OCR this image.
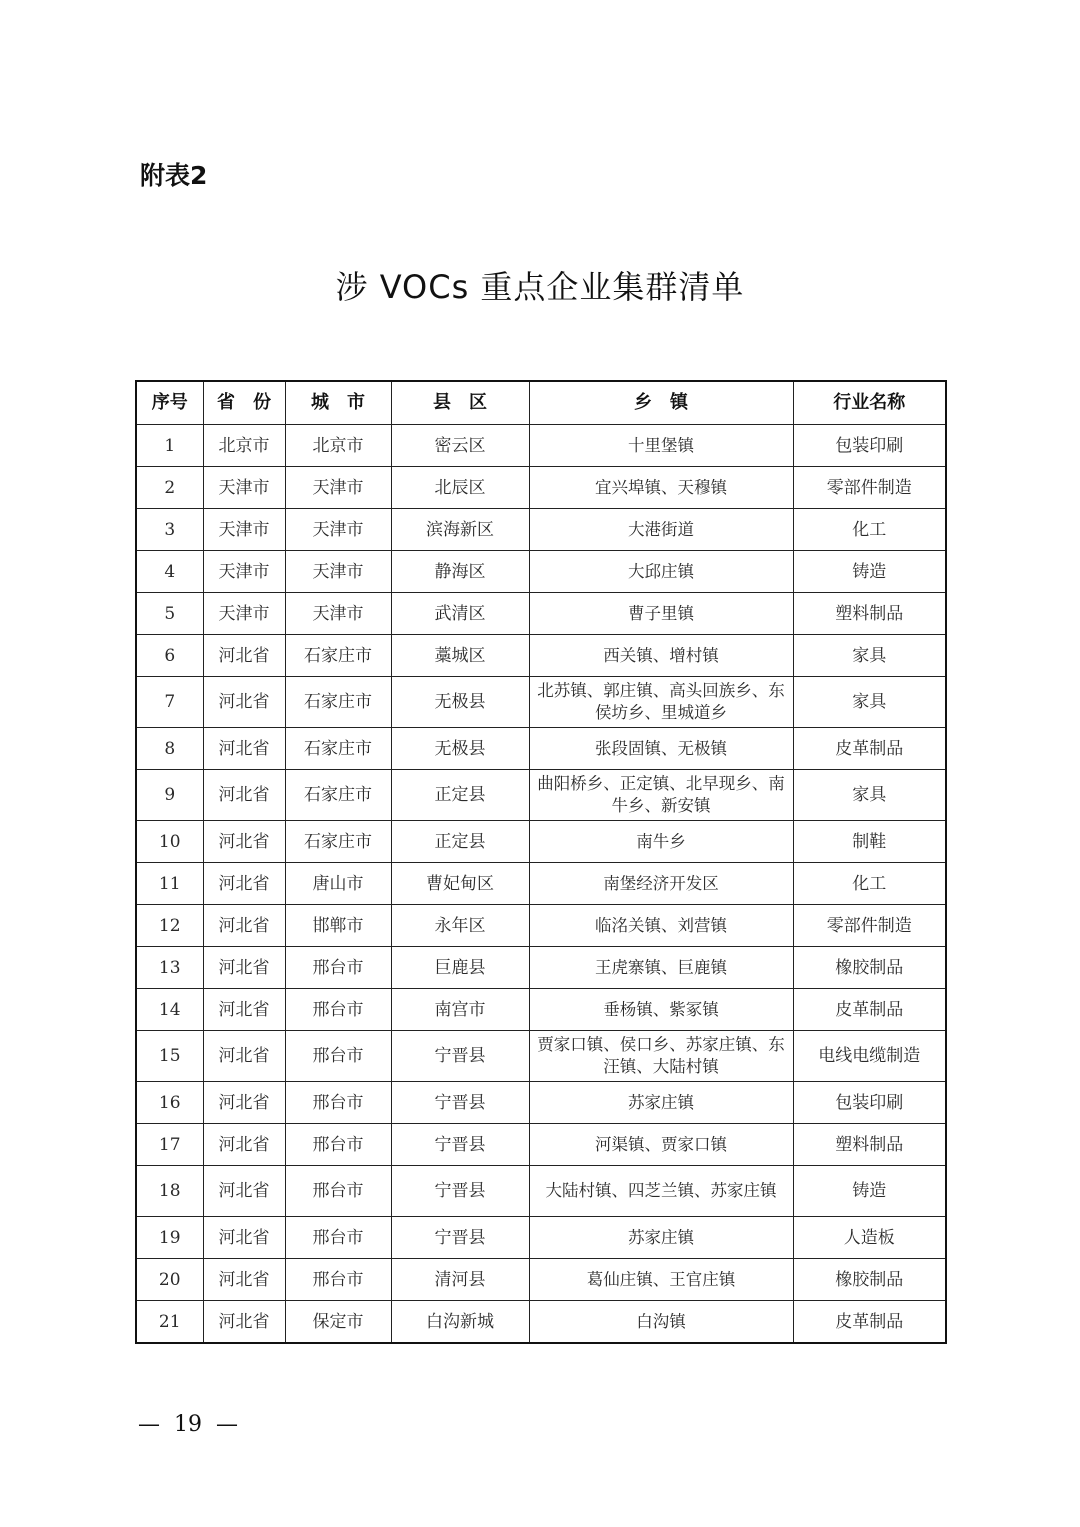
附表2
涉 VOCs 重点企业集群清单
序号	省　份	城　市	县　区	乡　镇	行业名称
1	北京市	北京市	密云区	十里堡镇	包装印刷
2	天津市	天津市	北辰区	宜兴埠镇、天穆镇	零部件制造
3	天津市	天津市	滨海新区	大港街道	化工
4	天津市	天津市	静海区	大邱庄镇	铸造
5	天津市	天津市	武清区	曹子里镇	塑料制品
6	河北省	石家庄市	藁城区	西关镇、增村镇	家具
7	河北省	石家庄市	无极县	北苏镇、郭庄镇、高头回族乡、东侯坊乡、里城道乡	家具
8	河北省	石家庄市	无极县	张段固镇、无极镇	皮革制品
9	河北省	石家庄市	正定县	曲阳桥乡、正定镇、北早现乡、南牛乡、新安镇	家具
10	河北省	石家庄市	正定县	南牛乡	制鞋
11	河北省	唐山市	曹妃甸区	南堡经济开发区	化工
12	河北省	邯郸市	永年区	临洺关镇、刘营镇	零部件制造
13	河北省	邢台市	巨鹿县	王虎寨镇、巨鹿镇	橡胶制品
14	河北省	邢台市	南宫市	垂杨镇、紫冢镇	皮革制品
15	河北省	邢台市	宁晋县	贾家口镇、侯口乡、苏家庄镇、东汪镇、大陆村镇	电线电缆制造
16	河北省	邢台市	宁晋县	苏家庄镇	包装印刷
17	河北省	邢台市	宁晋县	河渠镇、贾家口镇	塑料制品
18	河北省	邢台市	宁晋县	大陆村镇、四芝兰镇、苏家庄镇	铸造
19	河北省	邢台市	宁晋县	苏家庄镇	人造板
20	河北省	邢台市	清河县	葛仙庄镇、王官庄镇	橡胶制品
21	河北省	保定市	白沟新城	白沟镇	皮革制品
—  19  —
